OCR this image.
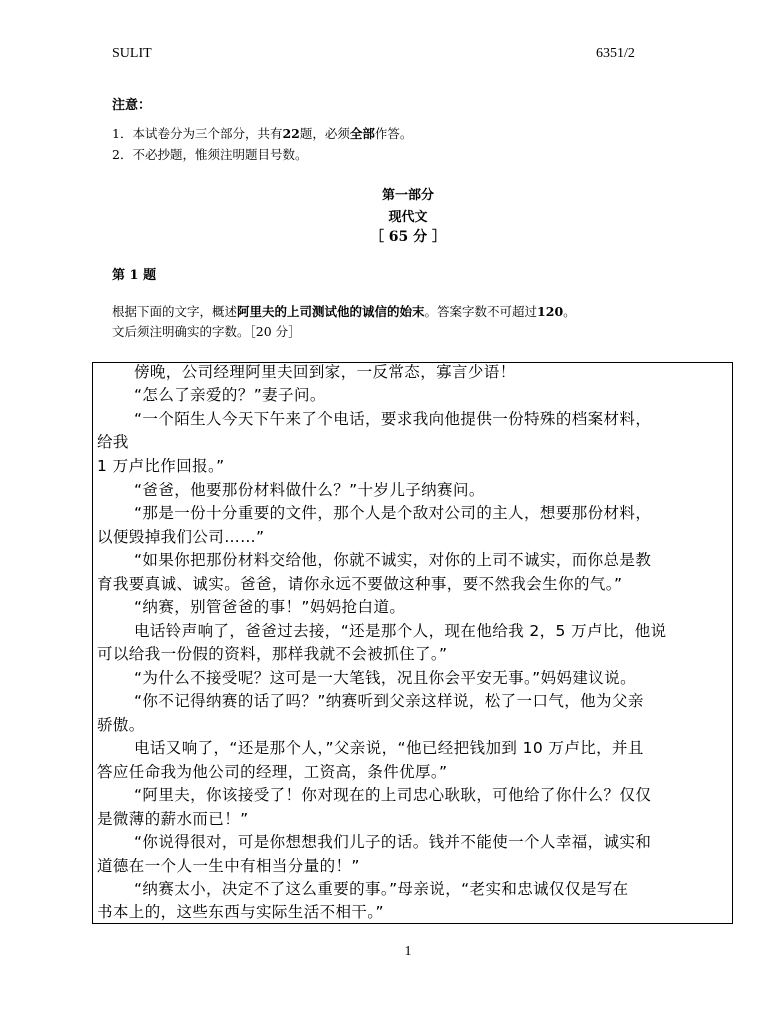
SULIT	6351/2
注意：
1．本试卷分为三个部分，共有22题，必须全部作答。
2．不必抄题，惟须注明题目号数。
第一部分
现代文
［ 65 分 ］
第 1 题
根据下面的文字，概述阿里夫的上司测试他的诚信的始末。答案字数不可超过120。
文后须注明确实的字数。［20 分］
傍晚，公司经理阿里夫回到家，一反常态，寡言少语！
“怎么了亲爱的？”妻子问。
“一个陌生人今天下午来了个电话，要求我向他提供一份特殊的档案材料，
给我
1 万卢比作回报。”
“爸爸，他要那份材料做什么？”十岁儿子纳赛问。
“那是一份十分重要的文件，那个人是个敌对公司的主人，想要那份材料，
以便毁掉我们公司……”
“如果你把那份材料交给他，你就不诚实，对你的上司不诚实，而你总是教
育我要真诚、诚实。爸爸，请你永远不要做这种事，要不然我会生你的气。”
“纳赛，别管爸爸的事！”妈妈抢白道。
电话铃声响了，爸爸过去接，“还是那个人，现在他给我 2，5 万卢比，他说
可以给我一份假的资料，那样我就不会被抓住了。”
“为什么不接受呢？这可是一大笔钱，况且你会平安无事。”妈妈建议说。
“你不记得纳赛的话了吗？”纳赛听到父亲这样说，松了一口气，他为父亲
骄傲。
电话又响了，“还是那个人，”父亲说，“他已经把钱加到 10 万卢比，并且
答应任命我为他公司的经理，工资高，条件优厚。”
“阿里夫，你该接受了！你对现在的上司忠心耿耿，可他给了你什么？仅仅
是微薄的薪水而已！”
“你说得很对，可是你想想我们儿子的话。钱并不能使一个人幸福，诚实和
道德在一个人一生中有相当分量的！”
“纳赛太小，决定不了这么重要的事。”母亲说，“老实和忠诚仅仅是写在
书本上的，这些东西与实际生活不相干。”
1
